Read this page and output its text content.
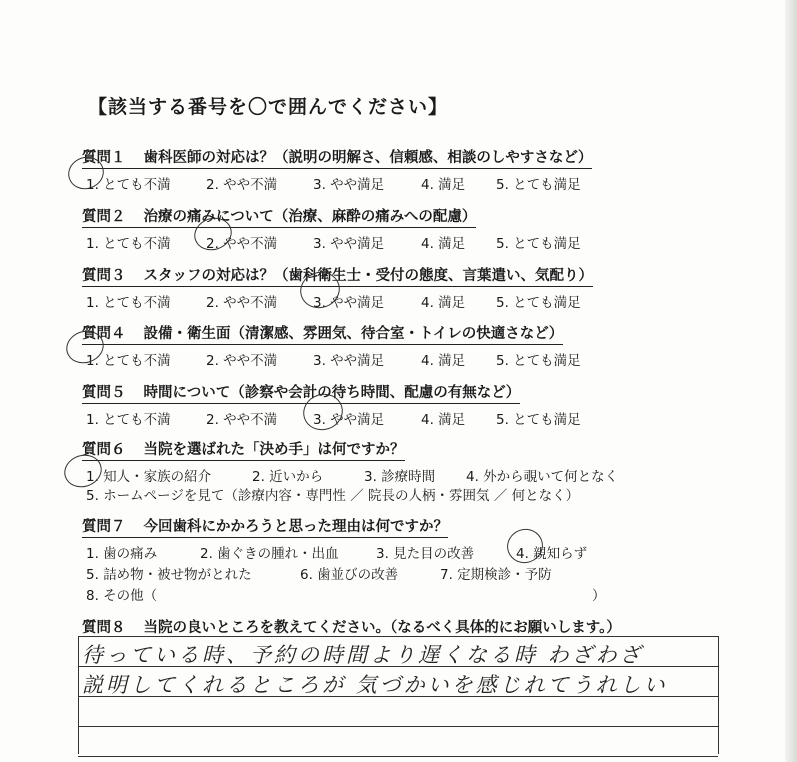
【該当する番号を〇で囲んでください】
質問１ 歯科医師の対応は？（説明の明解さ、信頼感、相談のしやすさなど）
1. とても不満	2. やや不満	3. やや満足	4. 満足 5. とても満足
質問２ 治療の痛みについて（治療、麻酔の痛みへの配慮）
1. とても不満	2. やや不満	3. やや満足	4. 満足 5. とても満足
質問３ スタッフの対応は？（歯科衛生士・受付の態度、言葉遣い、気配り）
1. とても不満	2. やや不満	3. やや満足	4. 満足 5. とても満足
質問４ 設備・衛生面（清潔感、雰囲気、待合室・トイレの快適さなど）
1. とても不満	2. やや不満	3. やや満足	4. 満足 5. とても満足
質問５ 時間について（診察や会計の待ち時間、配慮の有無など）
1. とても不満	2. やや不満	3. やや満足	4. 満足 5. とても満足
質問６ 当院を選ばれた「決め手」は何ですか？
1. 知人・家族の紹介	2. 近いから	3. 診療時間 4. 外から覗いて何となく
5. ホームページを見て（診療内容・専門性 ／ 院長の人柄・雰囲気 ／ 何となく）
質問７ 今回歯科にかかろうと思った理由は何ですか？
1. 歯の痛み	2. 歯ぐきの腫れ・出血	3. 見た目の改善	4. 親知らず
5. 詰め物・被せ物がとれた	6. 歯並びの改善	7. 定期検診・予防
8. その他（	）
質問８ 当院の良いところを教えてください。（なるべく具体的にお願いします。）
待っている時、予約の時間より遅くなる時 わざわざ
説明してくれるところが 気づかいを感じれてうれしい
